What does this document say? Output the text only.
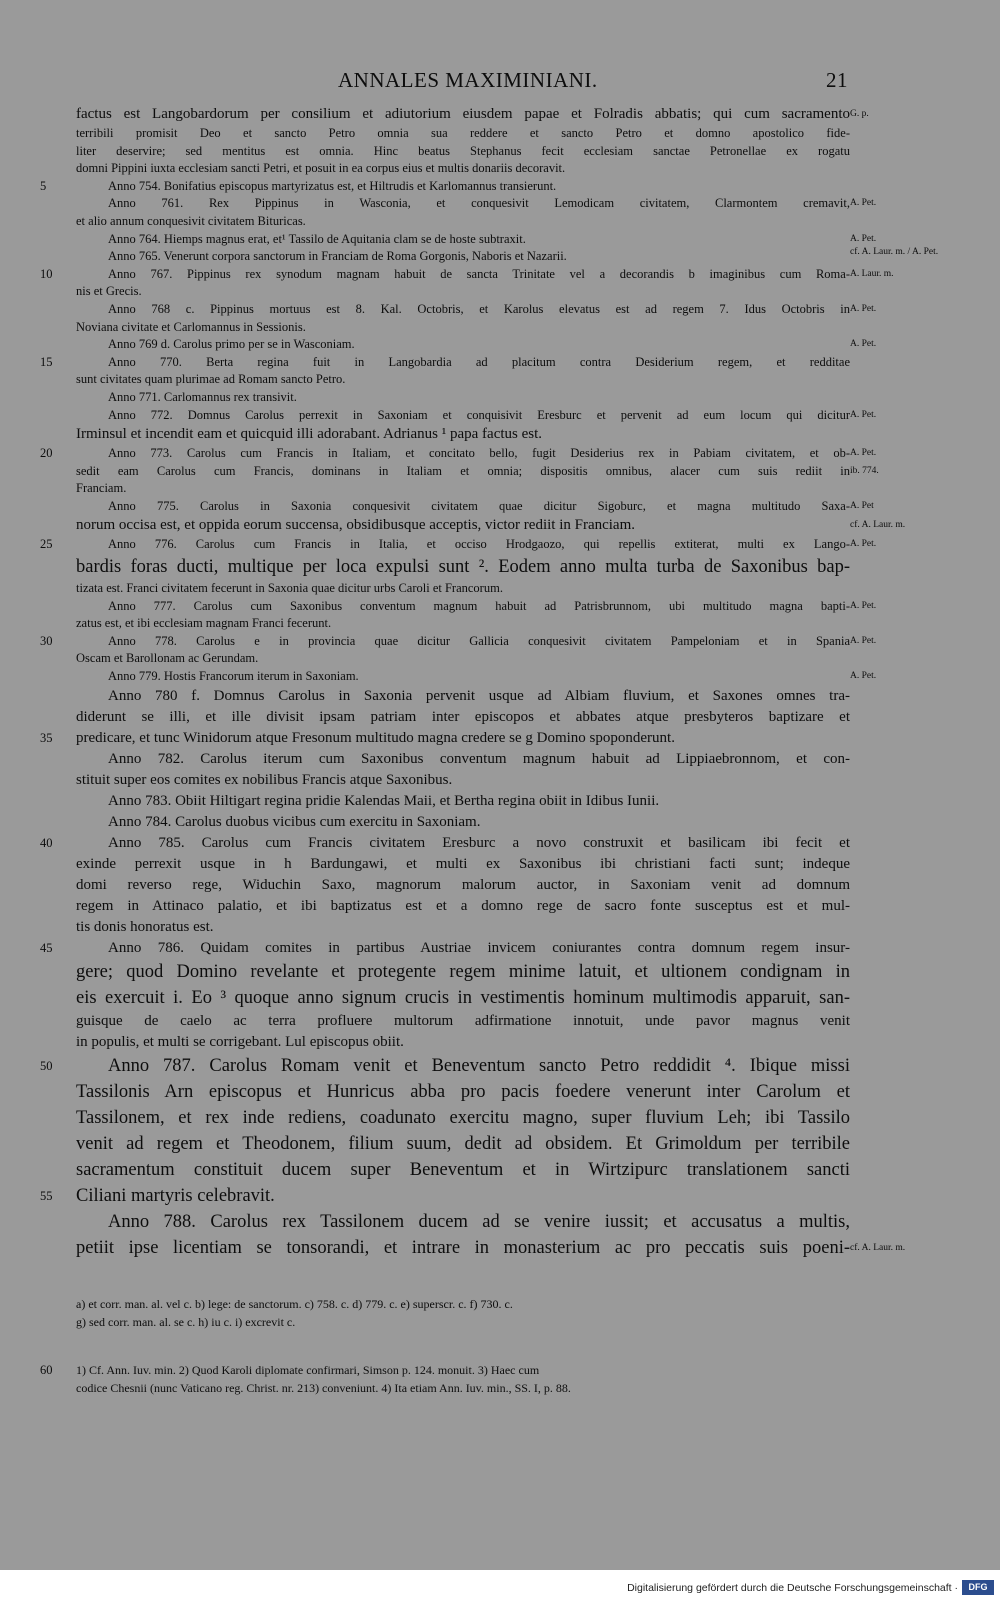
ANNALES MAXIMINIANI.	21
factus est Langobardorum per consilium et adiutorium eiusdem papae et Folradis abbatis; qui cum sacramento G. p.
terribili promisit Deo et sancto Petro omnia sua reddere et sancto Petro et domno apostolico fide-
liter deservire; sed mentitus est omnia. Hinc beatus Stephanus fecit ecclesiam sanctae Petronellae ex rogatu
domni Pippini iuxta ecclesiam sancti Petri, et posuit in ea corpus eius et multis donariis decoravit.
5	Anno 754. Bonifatius episcopus martyrizatus est, et Hiltrudis et Karlomannus transierunt.
Anno 761. Rex Pippinus in Wasconia, et conquesivit Lemodicam civitatem, Clarmontem cremavit, A. Pet.
et alio annum conquesivit civitatem Bituricas.
Anno 764. Hiemps magnus erat, et¹ Tassilo de Aquitania clam se de hoste subtraxit.	A. Pet.
Anno 765. Venerunt corpora sanctorum in Franciam de Roma Gorgonis, Naboris et Nazarii.	cf. A. Laur. m. / A. Pet.
10	Anno 767. Pippinus rex synodum magnam habuit de sancta Trinitate vel a decorandis b imaginibus cum Roma- A. Laur. m.
nis et Grecis.
Anno 768 c. Pippinus mortuus est 8. Kal. Octobris, et Karolus elevatus est ad regem 7. Idus Octobris in A. Pet.
Noviana civitate et Carlomannus in Sessionis.
Anno 769 d. Carolus primo per se in Wasconiam.	A. Pet.
15	Anno 770. Berta regina fuit in Langobardia ad placitum contra Desiderium regem, et redditae
sunt civitates quam plurimae ad Romam sancto Petro.
Anno 771. Carlomannus rex transivit.
Anno 772. Domnus Carolus perrexit in Saxoniam et conquisivit Eresburc et pervenit ad eum locum qui dicitur A. Pet.
Irminsul et incendit eam et quicquid illi adorabant. Adrianus ¹ papa factus est.
20	Anno 773. Carolus cum Francis in Italiam, et concitato bello, fugit Desiderius rex in Pabiam civitatem, et ob- A. Pet.
sedit eam Carolus cum Francis, dominans in Italiam et omnia; dispositis omnibus, alacer cum suis rediit in ib. 774.
Franciam.
Anno 775. Carolus in Saxonia conquesivit civitatem quae dicitur Sigoburc, et magna multitudo Saxa- A. Pet
norum occisa est, et oppida eorum succensa, obsidibusque acceptis, victor rediit in Franciam.	cf. A. Laur. m.
25	Anno 776. Carolus cum Francis in Italia, et occiso Hrodgaozo, qui repellis extiterat, multi ex Lango- A. Pet.
bardis foras ducti, multique per loca expulsi sunt ². Eodem anno multa turba de Saxonibus bap-
tizata est. Franci civitatem fecerunt in Saxonia quae dicitur urbs Caroli et Francorum.
Anno 777. Carolus cum Saxonibus conventum magnum habuit ad Patrisbrunnom, ubi multitudo magna bapti- A. Pet.
zatus est, et ibi ecclesiam magnam Franci fecerunt.
30	Anno 778. Carolus e in provincia quae dicitur Gallicia conquesivit civitatem Pampeloniam et in Spania A. Pet.
Oscam et Barollonam ac Gerundam.
Anno 779. Hostis Francorum iterum in Saxoniam.	A. Pet.
Anno 780 f. Domnus Carolus in Saxonia pervenit usque ad Albiam fluvium, et Saxones omnes tra-
diderunt se illi, et ille divisit ipsam patriam inter episcopos et abbates atque presbyteros baptizare et
35	predicare, et tunc Winidorum atque Fresonum multitudo magna credere se g Domino spoponderunt.
Anno 782. Carolus iterum cum Saxonibus conventum magnum habuit ad Lippiaebronnom, et con-
stituit super eos comites ex nobilibus Francis atque Saxonibus.
Anno 783. Obiit Hiltigart regina pridie Kalendas Maii, et Bertha regina obiit in Idibus Iunii.
Anno 784. Carolus duobus vicibus cum exercitu in Saxoniam.
40	Anno 785. Carolus cum Francis civitatem Eresburc a novo construxit et basilicam ibi fecit et
exinde perrexit usque in h Bardungawi, et multi ex Saxonibus ibi christiani facti sunt; indeque
domi reverso rege, Widuchin Saxo, magnorum malorum auctor, in Saxoniam venit ad domnum
regem in Attinaco palatio, et ibi baptizatus est et a domno rege de sacro fonte susceptus est et mul-
tis donis honoratus est.
45	Anno 786. Quidam comites in partibus Austriae invicem coniurantes contra domnum regem insur-
gere; quod Domino revelante et protegente regem minime latuit, et ultionem condignam in
eis exercuit i. Eo ³ quoque anno signum crucis in vestimentis hominum multimodis apparuit, san-
guisque de caelo ac terra profluere multorum adfirmatione innotuit, unde pavor magnus venit
in populis, et multi se corrigebant. Lul episcopus obiit.
50	Anno 787. Carolus Romam venit et Beneventum sancto Petro reddidit ⁴. Ibique missi
Tassilonis Arn episcopus et Hunricus abba pro pacis foedere venerunt inter Carolum et
Tassilonem, et rex inde rediens, coadunato exercitu magno, super fluvium Leh; ibi Tassilo
venit ad regem et Theodonem, filium suum, dedit ad obsidem. Et Grimoldum per terribile
sacramentum constituit ducem super Beneventum et in Wirtzipurc translationem sancti
55	Ciliani martyris celebravit.
Anno 788. Carolus rex Tassilonem ducem ad se venire iussit; et accusatus a multis,
petiit ipse licentiam se tonsorandi, et intrare in monasterium ac pro peccatis suis poeni- cf. A. Laur. m.
a) et corr. man. al. vel c. b) lege: de sanctorum. c) 758. c. d) 779. c. e) superscr. c. f) 730. c.
g) sed corr. man. al. se c. h) iu c. i) excrevit c.
60	1) Cf. Ann. Iuv. min. 2) Quod Karoli diplomate confirmari, Simson p. 124. monuit. 3) Haec cum
codice Chesnii (nunc Vaticano reg. Christ. nr. 213) conveniunt. 4) Ita etiam Ann. Iuv. min., SS. I, p. 88.
Digitalisierung gefördert durch die Deutsche Forschungsgemeinschaft ·	DFG
